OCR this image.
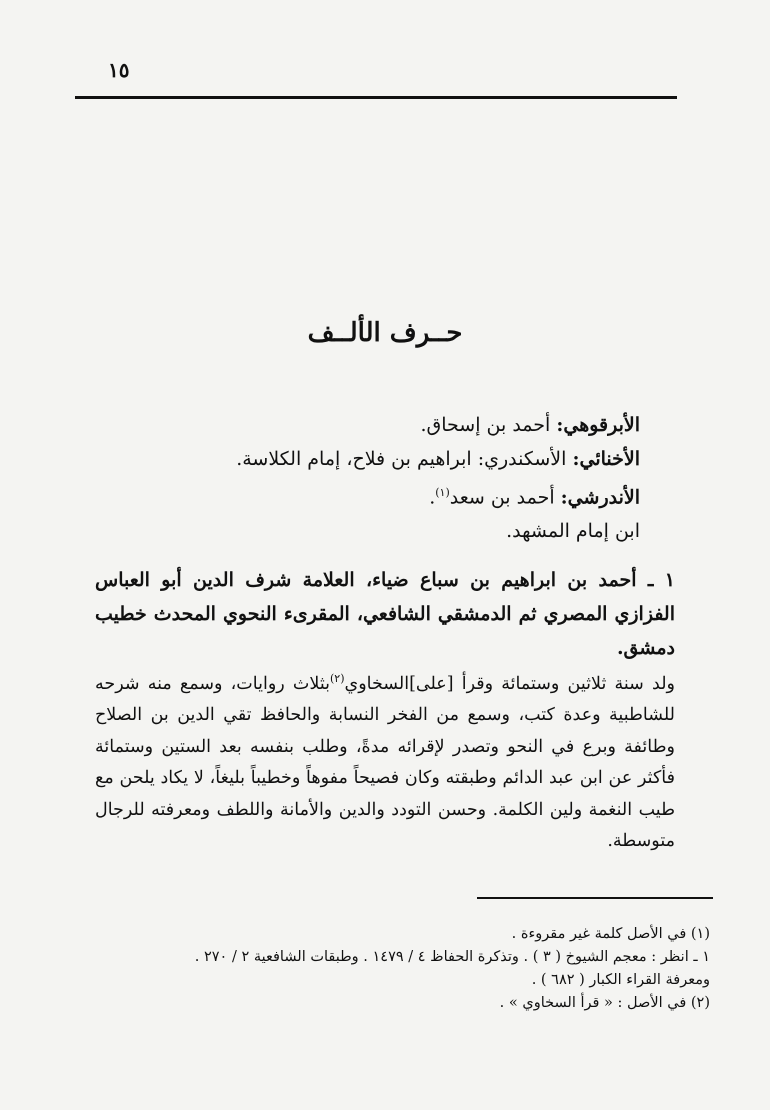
١٥
حــرف الألــف
الأبرقوهي: أحمد بن إسحاق.
الأخنائي: الأسكندري: ابراهيم بن فلاح، إمام الكلاسة.
الأندرشي: أحمد بن سعد$^{(١)}$.
ابن إمام المشهد.
١ ـ أحمد بن ابراهيم بن سباع ضياء، العلامة شرف الدين أبو العباس الفزازي المصري ثم الدمشقي الشافعي، المقرىء النحوي المحدث خطيب دمشق.
ولد سنة ثلاثين وستمائة وقرأ [على]السخاوي$^{(٢)}$بثلاث روايات، وسمع منه شرحه للشاطبية وعدة كتب، وسمع من الفخر النسابة والحافظ تقي الدين بن الصلاح وطائفة وبرع في النحو وتصدر لإقرائه مدةً، وطلب بنفسه بعد الستين وستمائة فأكثر عن ابن عبد الدائم وطبقته وكان فصيحاً مفوهاً وخطيباً بليغاً، لا يكاد يلحن مع طيب النغمة ولين الكلمة. وحسن التودد والدين والأمانة واللطف ومعرفته للرجال متوسطة.
(١) في الأصل كلمة غير مقروءة .
١ ـ انظر : معجم الشيوخ ( ٣ ) . وتذكرة الحفاظ ٤ / ١٤٧٩ . وطبقات الشافعية ٢ / ٢٧٠ .
ومعرفة القراء الكبار ( ٦٨٢ ) .
(٢) في الأصل : « قرأ السخاوي » .
